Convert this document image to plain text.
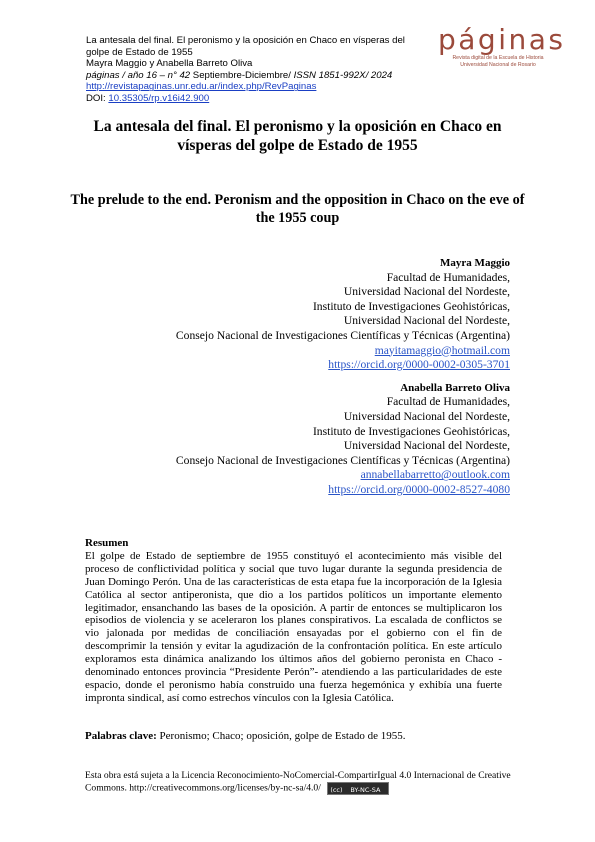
La antesala del final. El peronismo y la oposición en Chaco en vísperas del
golpe de Estado de 1955
Mayra Maggio y Anabella Barreto Oliva
páginas / año 16 – n° 42 Septiembre-Diciembre/ ISSN 1851-992X/ 2024
http://revistapaginas.unr.edu.ar/index.php/RevPaginas
DOI: 10.35305/rp.v16i42.900
páginas
Revista digital de la Escuela de Historia
Universidad Nacional de Rosario
La antesala del final. El peronismo y la oposición en Chaco en vísperas del golpe de Estado de 1955
The prelude to the end. Peronism and the opposition in Chaco on the eve of the 1955 coup
Mayra Maggio
Facultad de Humanidades,
Universidad Nacional del Nordeste,
Instituto de Investigaciones Geohistóricas,
Universidad Nacional del Nordeste,
Consejo Nacional de Investigaciones Científicas y Técnicas (Argentina)
mayitamaggio@hotmail.com
https://orcid.org/0000-0002-0305-3701
Anabella Barreto Oliva
Facultad de Humanidades,
Universidad Nacional del Nordeste,
Instituto de Investigaciones Geohistóricas,
Universidad Nacional del Nordeste,
Consejo Nacional de Investigaciones Científicas y Técnicas (Argentina)
annabellabarretto@outlook.com
https://orcid.org/0000-0002-8527-4080
Resumen
El golpe de Estado de septiembre de 1955 constituyó el acontecimiento más visible del proceso de conflictividad política y social que tuvo lugar durante la segunda presidencia de Juan Domingo Perón. Una de las características de esta etapa fue la incorporación de la Iglesia Católica al sector antiperonista, que dio a los partidos políticos un importante elemento legitimador, ensanchando las bases de la oposición. A partir de entonces se multiplicaron los episodios de violencia y se aceleraron los planes conspirativos. La escalada de conflictos se vio jalonada por medidas de conciliación ensayadas por el gobierno con el fin de descomprimir la tensión y evitar la agudización de la confrontación política. En este artículo exploramos esta dinámica analizando los últimos años del gobierno peronista en Chaco -denominado entonces provincia “Presidente Perón”- atendiendo a las particularidades de este espacio, donde el peronismo había construido una fuerza hegemónica y exhibía una fuerte impronta sindical, así como estrechos vínculos con la Iglesia Católica.
Palabras clave: Peronismo; Chaco; oposición, golpe de Estado de 1955.
Esta obra está sujeta a la Licencia Reconocimiento-NoComercial-CompartirIgual 4.0 Internacional de Creative Commons. http://creativecommons.org/licenses/by-nc-sa/4.0/ (cc) BY-NC-SA
